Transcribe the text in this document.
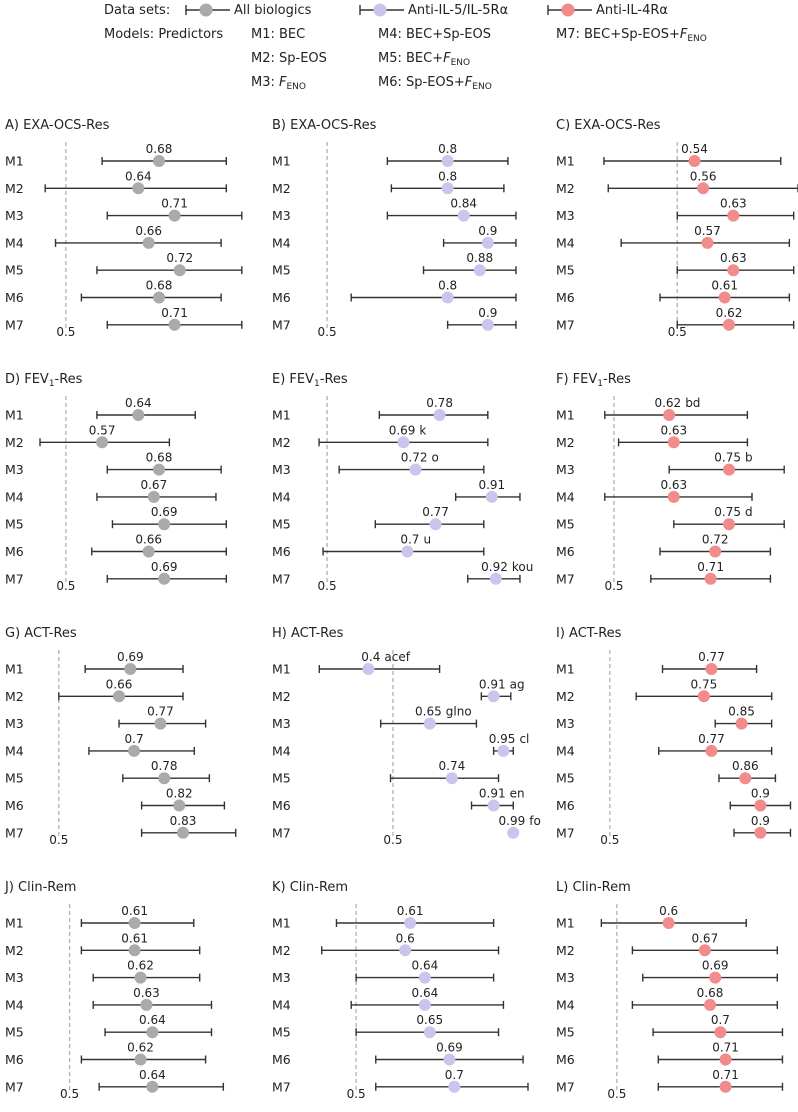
Data sets:	All biologics	Anti-IL-5/IL-5Rα	Anti-IL-4Rα
Models: Predictors M1: BEC
M2: Sp-EOS
M3: $F_{ENO}$
M4: BEC+Sp-EOS
M5: $BEC+F_{ENO}$
M6: $Sp-EOS+F_{ENO}$
M7: $BEC+Sp-EOS+F_{ENO}$
A) EXA-OCS-Res
0.5
M1
0.68
M2
0.64
M3
0.71
M4
0.66
M5
0.72
M6
0.68
M7
0.71
B) EXA-OCS-Res
0.5
M1
0.8
M2
0.8
M3
0.84
M4
0.9
M5
0.88
M6
0.8
M7
0.9
C) EXA-OCS-Res
0.5
M1
0.54
M2
0.56
M3
0.63
M4
0.57
M5
0.63
M6
0.61
M7
0.62
D) $FEV_1$-Res
0.5
M1
0.64
M2
0.57
M3
0.68
M4
0.67
M5
0.69
M6
0.66
M7
0.69
E) $FEV_1$-Res
0.5
M1
0.78
M2
0.69 k
M3
0.72 o
M4
0.91
M5
0.77
M6
0.7 u
M7
0.92 kou
F) $FEV_1$-Res
0.5
M1
0.62 bd
M2
0.63
M3
0.75 b
M4
0.63
M5
0.75 d
M6
0.72
M7
0.71
G) ACT-Res
0.5
M1
0.69
M2
0.66
M3
0.77
M4
0.7
M5
0.78
M6
0.82
M7
0.83
H) ACT-Res
0.5
M1
0.4 acef
M2
0.91 ag
M3
0.65 glno
M4
0.95 cl
M5
0.74
M6
0.91 en
M7
0.99 fo
I) ACT-Res
0.5
M1
0.77
M2
0.75
M3
0.85
M4
0.77
M5
0.86
M6
0.9
M7
0.9
J) Clin-Rem
0.5
M1
0.61
M2
0.61
M3
0.62
M4
0.63
M5
0.64
M6
0.62
M7
0.64
K) Clin-Rem
0.5
M1
0.61
M2
0.6
M3
0.64
M4
0.64
M5
0.65
M6
0.69
M7
0.7
L) Clin-Rem
0.5
M1
0.6
M2
0.67
M3
0.69
M4
0.68
M5
0.7
M6
0.71
M7
0.71
